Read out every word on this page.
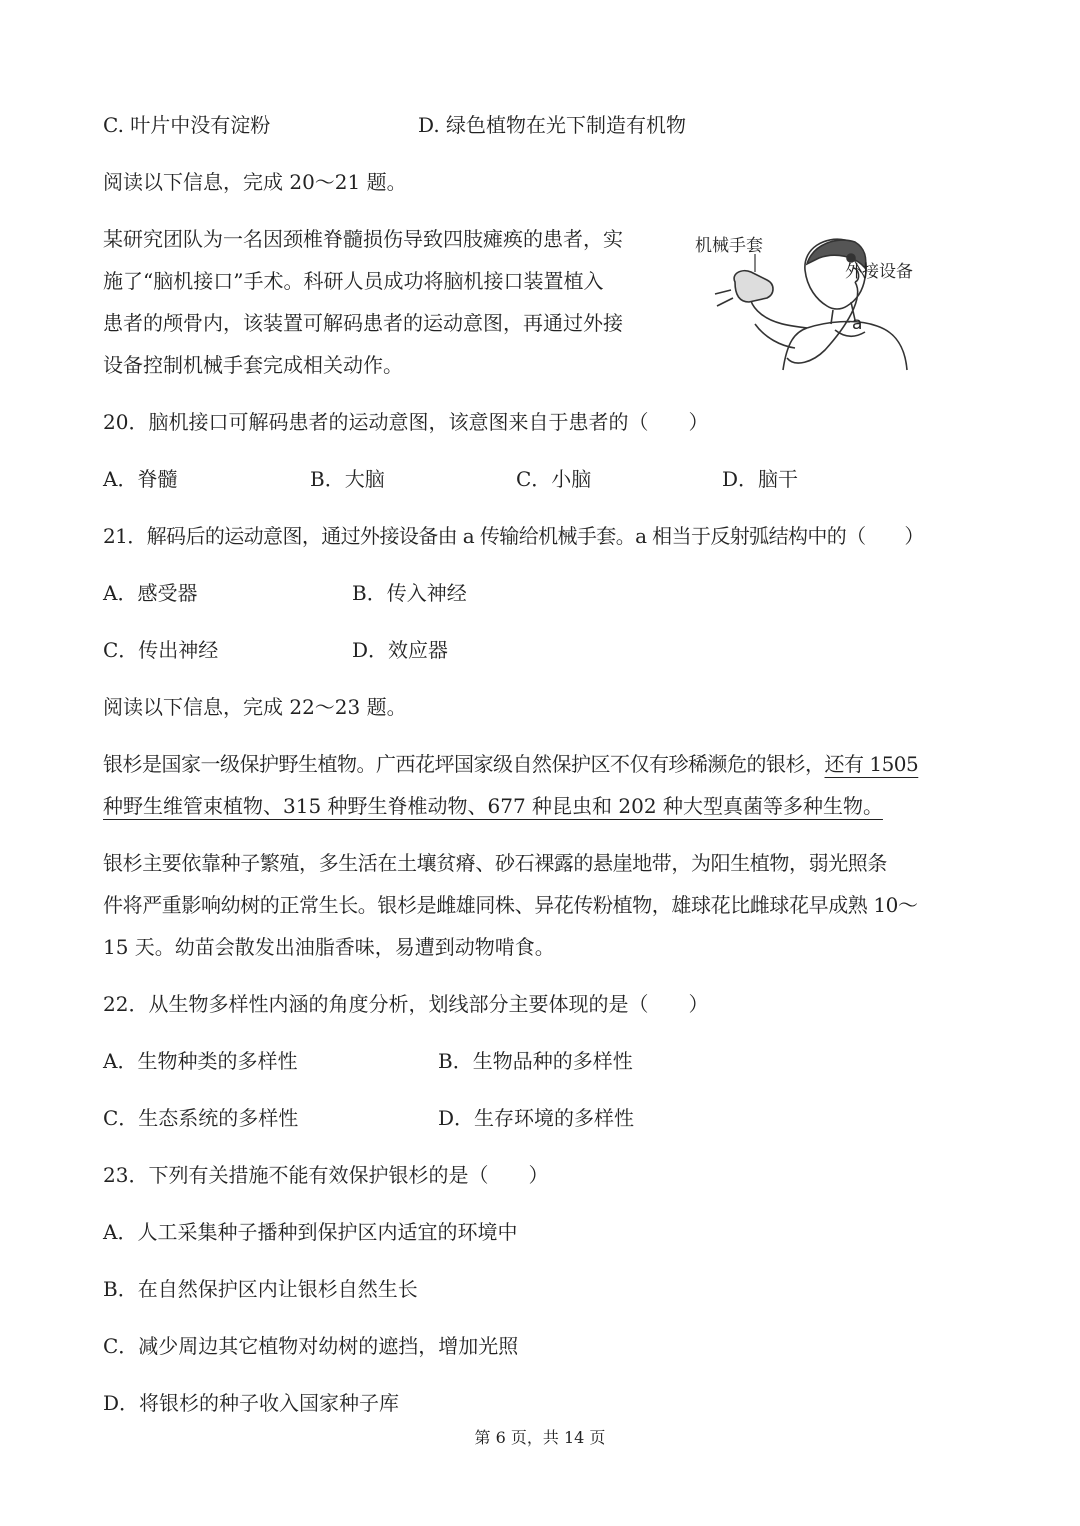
C. 叶片中没有淀粉	D. 绿色植物在光下制造有机物
阅读以下信息，完成 20～21 题。
某研究团队为一名因颈椎脊髓损伤导致四肢瘫痪的患者，实
施了“脑机接口”手术。科研人员成功将脑机接口装置植入
患者的颅骨内，该装置可解码患者的运动意图，再通过外接
设备控制机械手套完成相关动作。
机械手套
外接设备
a
20．脑机接口可解码患者的运动意图，该意图来自于患者的（　　）
A．脊髓	B．大脑	C．小脑	D．脑干
21．解码后的运动意图，通过外接设备由 a 传输给机械手套。a 相当于反射弧结构中的（　　）
A．感受器	B．传入神经
C．传出神经	D．效应器
阅读以下信息，完成 22～23 题。
银杉是国家一级保护野生植物。广西花坪国家级自然保护区不仅有珍稀濒危的银杉，还有 1505
种野生维管束植物、315 种野生脊椎动物、677 种昆虫和 202 种大型真菌等多种生物。
银杉主要依靠种子繁殖，多生活在土壤贫瘠、砂石裸露的悬崖地带，为阳生植物，弱光照条
件将严重影响幼树的正常生长。银杉是雌雄同株、异花传粉植物，雄球花比雌球花早成熟 10～
15 天。幼苗会散发出油脂香味，易遭到动物啃食。
22．从生物多样性内涵的角度分析，划线部分主要体现的是（　　）
A．生物种类的多样性	B．生物品种的多样性
C．生态系统的多样性	D．生存环境的多样性
23．下列有关措施不能有效保护银杉的是（　　）
A．人工采集种子播种到保护区内适宜的环境中
B．在自然保护区内让银杉自然生长
C．减少周边其它植物对幼树的遮挡，增加光照
D．将银杉的种子收入国家种子库
第 6 页，共 14 页
